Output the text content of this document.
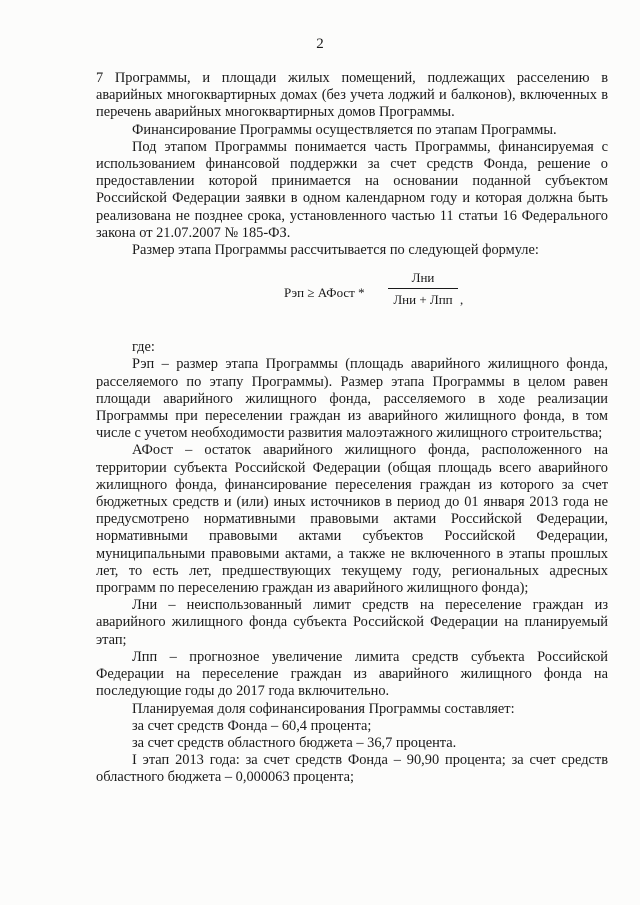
2

7 Программы, и площади жилых помещений, подлежащих расселению в аварийных многоквартирных домах (без учета лоджий и балконов), включенных в перечень аварийных многоквартирных домов Программы.

Финансирование Программы осуществляется по этапам Программы.

Под этапом Программы понимается часть Программы, финансируемая с использованием финансовой поддержки за счет средств Фонда, решение о предоставлении которой принимается на основании поданной субъектом Российской Федерации заявки в одном календарном году и которая должна быть реализована не позднее срока, установленного частью 11 статьи 16 Федерального закона от 21.07.2007 № 185-ФЗ.

Размер этапа Программы рассчитывается по следующей формуле:

Рэп ≥ АФост *
Лни
Лни + Лпп ,

где:

Рэп – размер этапа Программы (площадь аварийного жилищного фонда, расселяемого по этапу Программы). Размер этапа Программы в целом равен площади аварийного жилищного фонда, расселяемого в ходе реализации Программы при переселении граждан из аварийного жилищного фонда, в том числе с учетом необходимости развития малоэтажного жилищного строительства;

АФост – остаток аварийного жилищного фонда, расположенного на территории субъекта Российской Федерации (общая площадь всего аварийного жилищного фонда, финансирование переселения граждан из которого за счет бюджетных средств и (или) иных источников в период до 01 января 2013 года не предусмотрено нормативными правовыми актами Российской Федерации, нормативными правовыми актами субъектов Российской Федерации, муниципальными правовыми актами, а также не включенного в этапы прошлых лет, то есть лет, предшествующих текущему году, региональных адресных программ по переселению граждан из аварийного жилищного фонда);

Лни – неиспользованный лимит средств на переселение граждан из аварийного жилищного фонда субъекта Российской Федерации на планируемый этап;

Лпп – прогнозное увеличение лимита средств субъекта Российской Федерации на переселение граждан из аварийного жилищного фонда на последующие годы до 2017 года включительно.

Планируемая доля софинансирования Программы составляет:

за счет средств Фонда – 60,4 процента;

за счет средств областного бюджета – 36,7 процента.

I этап 2013 года: за счет средств Фонда – 90,90 процента; за счет средств областного бюджета – 0,000063 процента;
